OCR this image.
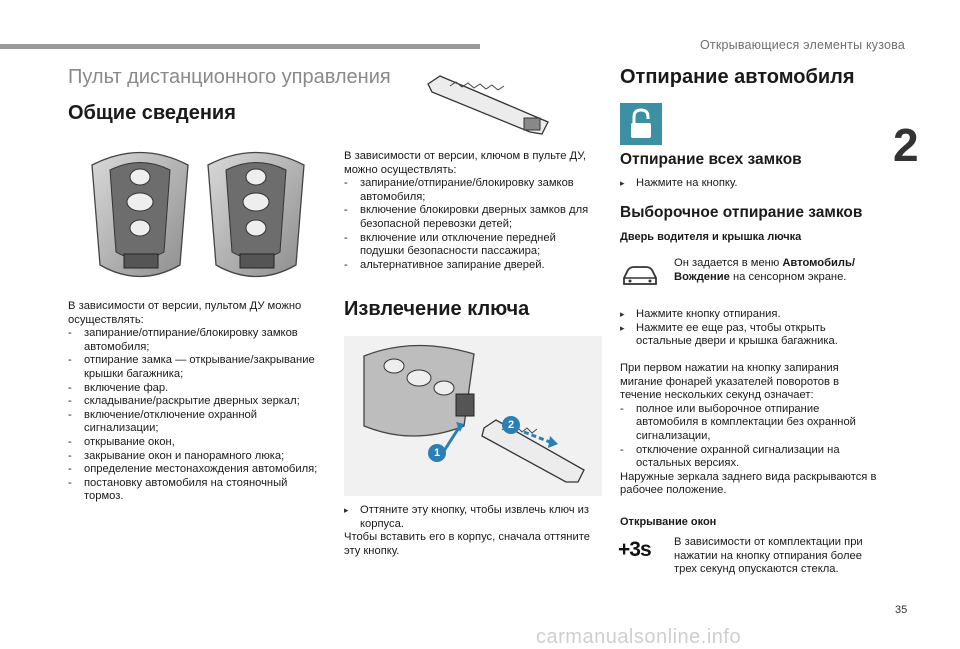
Открывающиеся элементы кузова
2
35
carmanualsonline.info
Пульт дистанционного управления
Общие сведения
В зависимости от версии, пультом ДУ можно осуществлять:
- запирание/отпирание/блокировку замков автомобиля;
- отпирание замка — открывание/закрывание крышки багажника;
- включение фар.
- складывание/раскрытие дверных зеркал;
- включение/отключение охранной сигнализации;
- открывание окон,
- закрывание окон и панорамного люка;
- определение местонахождения автомобиля;
- постановку автомобиля на стояночный тормоз.
В зависимости от версии, ключом в пульте ДУ, можно осуществлять:
- запирание/отпирание/блокировку замков автомобиля;
- включение блокировки дверных замков для безопасной перевозки детей;
- включение или отключение передней подушки безопасности пассажира;
- альтернативное запирание дверей.
Извлечение ключа
1
2
▸ Оттяните эту кнопку, чтобы извлечь ключ из корпуса.
Чтобы вставить его в корпус, сначала оттяните эту кнопку.
Отпирание автомобиля
Отпирание всех замков
▸ Нажмите на кнопку.
Выборочное отпирание замков
Дверь водителя и крышка лючка
Он задается в меню Автомобиль/Вождение на сенсорном экране.
▸ Нажмите кнопку отпирания.
▸ Нажмите ее еще раз, чтобы открыть остальные двери и крышка багажника.
При первом нажатии на кнопку запирания мигание фонарей указателей поворотов в течение нескольких секунд означает:
- полное или выборочное отпирание автомобиля в комплектации без охранной сигнализации,
- отключение охранной сигнализации на остальных версиях.
Наружные зеркала заднего вида раскрываются в рабочее положение.
Открывание окон
+3s	В зависимости от комплектации при нажатии на кнопку отпирания более трех секунд опускаются стекла.
